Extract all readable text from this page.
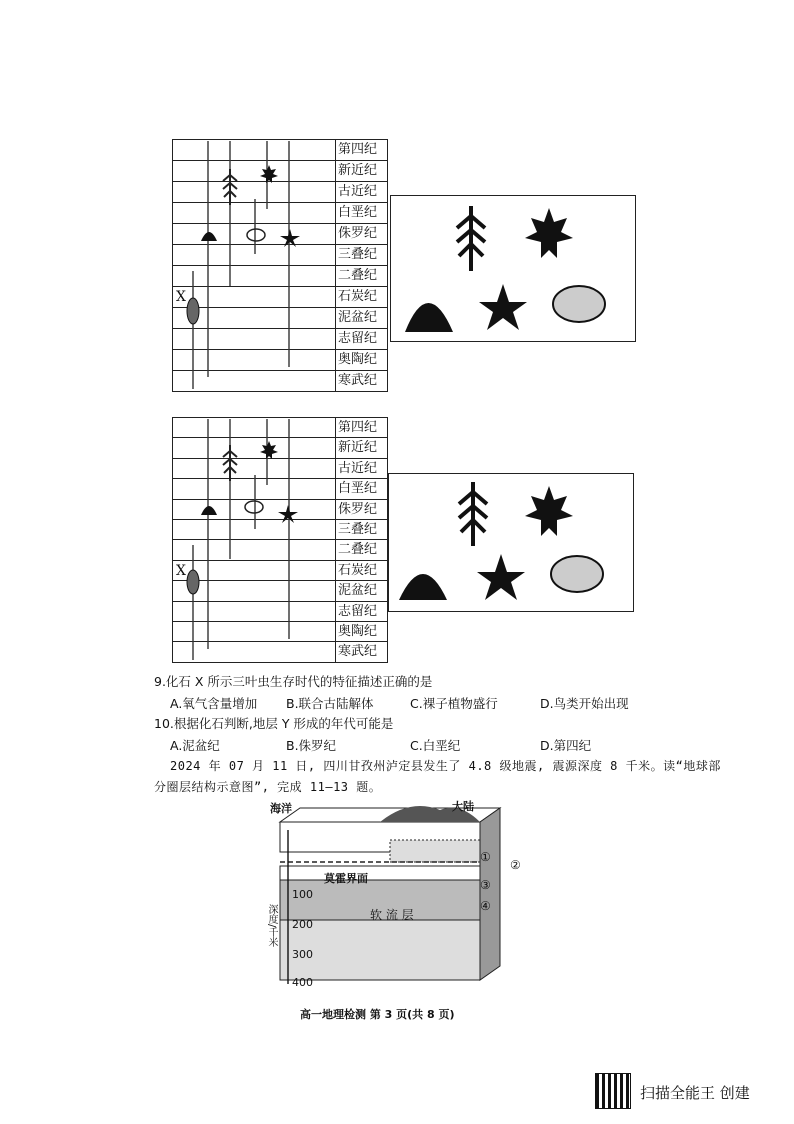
第四纪
新近纪
古近纪
白垩纪
侏罗纪
三叠纪
二叠纪
石炭纪
泥盆纪
志留纪
奥陶纪
寒武纪
X
第四纪
新近纪
古近纪
白垩纪
侏罗纪
三叠纪
二叠纪
石炭纪
泥盆纪
志留纪
奥陶纪
寒武纪
X
9.化石 X 所示三叶虫生存时代的特征描述正确的是
A.氧气含量增加 B.联合古陆解体	C.裸子植物盛行	D.鸟类开始出现
10.根据化石判断,地层 Y 形成的年代可能是
A.泥盆纪	B.侏罗纪	C.白垩纪	D.第四纪
2024 年 07 月 11 日, 四川甘孜州泸定县发生了 4.8 级地震, 震源深度 8 千米。读“地球部
分圈层结构示意图”, 完成 11—13 题。
海洋	大陆
莫霍界面
软 流 层
深度/千米
100
200
300
400
①
②
③
④
高一地理检测 第 3 页(共 8 页)
扫描全能王 创建
